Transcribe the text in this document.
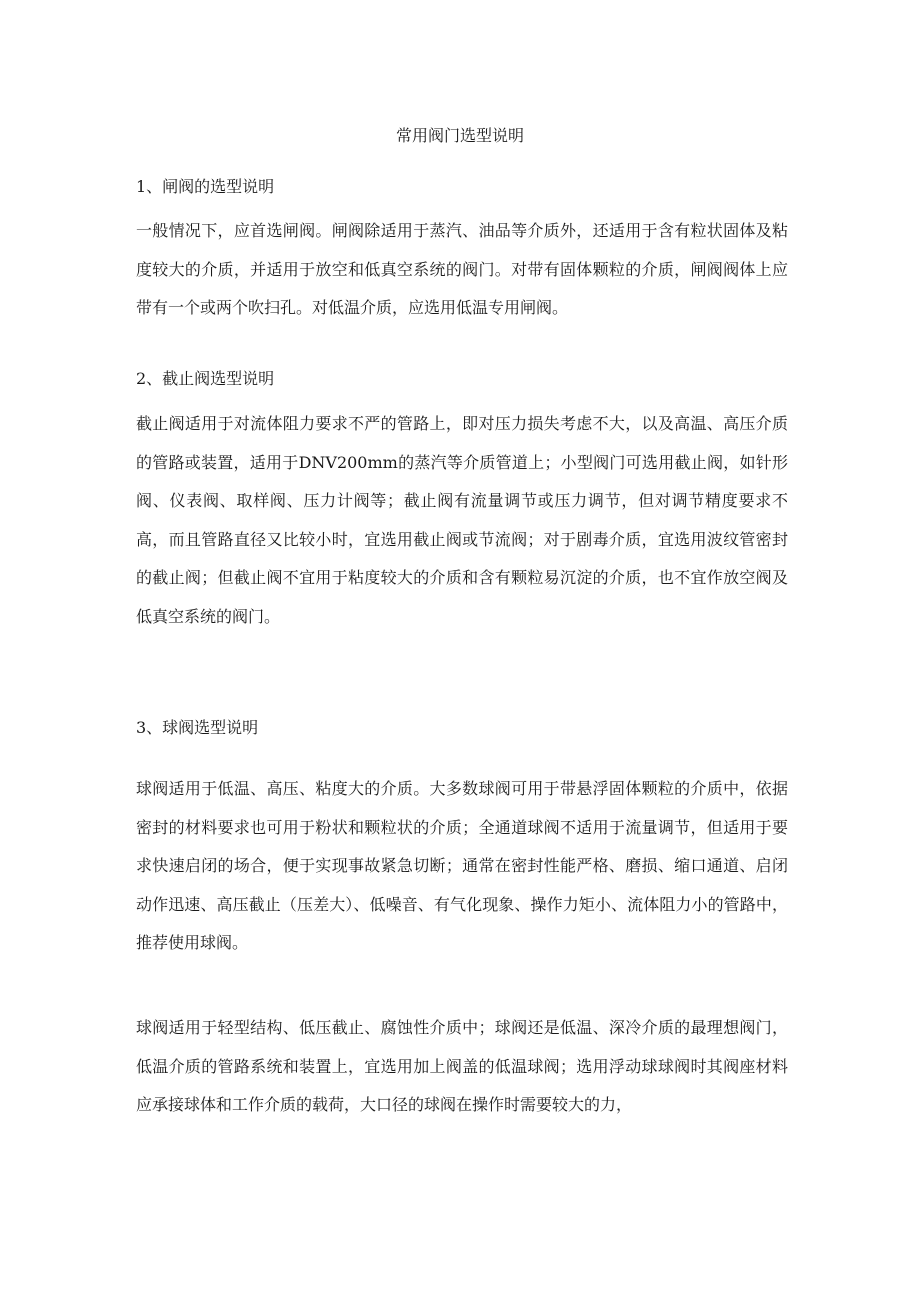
常用阀门选型说明
1、闸阀的选型说明

一般情况下，应首选闸阀。闸阀除适用于蒸汽、油品等介质外，还适用于含有粒状固体及粘度较大的介质，并适用于放空和低真空系统的阀门。对带有固体颗粒的介质，闸阀阀体上应带有一个或两个吹扫孔。对低温介质，应选用低温专用闸阀。

2、截止阀选型说明

截止阀适用于对流体阻力要求不严的管路上，即对压力损失考虑不大，以及高温、高压介质的管路或装置，适用于DNV200mm的蒸汽等介质管道上；小型阀门可选用截止阀，如针形阀、仪表阀、取样阀、压力计阀等；截止阀有流量调节或压力调节，但对调节精度要求不高，而且管路直径又比较小时，宜选用截止阀或节流阀；对于剧毒介质，宜选用波纹管密封的截止阀；但截止阀不宜用于粘度较大的介质和含有颗粒易沉淀的介质，也不宜作放空阀及低真空系统的阀门。

3、球阀选型说明

球阀适用于低温、高压、粘度大的介质。大多数球阀可用于带悬浮固体颗粒的介质中，依据密封的材料要求也可用于粉状和颗粒状的介质；全通道球阀不适用于流量调节，但适用于要求快速启闭的场合，便于实现事故紧急切断；通常在密封性能严格、磨损、缩口通道、启闭动作迅速、高压截止（压差大）、低噪音、有气化现象、操作力矩小、流体阻力小的管路中，推荐使用球阀。

球阀适用于轻型结构、低压截止、腐蚀性介质中；球阀还是低温、深冷介质的最理想阀门，低温介质的管路系统和装置上，宜选用加上阀盖的低温球阀；选用浮动球球阀时其阀座材料应承接球体和工作介质的载荷，大口径的球阀在操作时需要较大的力，
